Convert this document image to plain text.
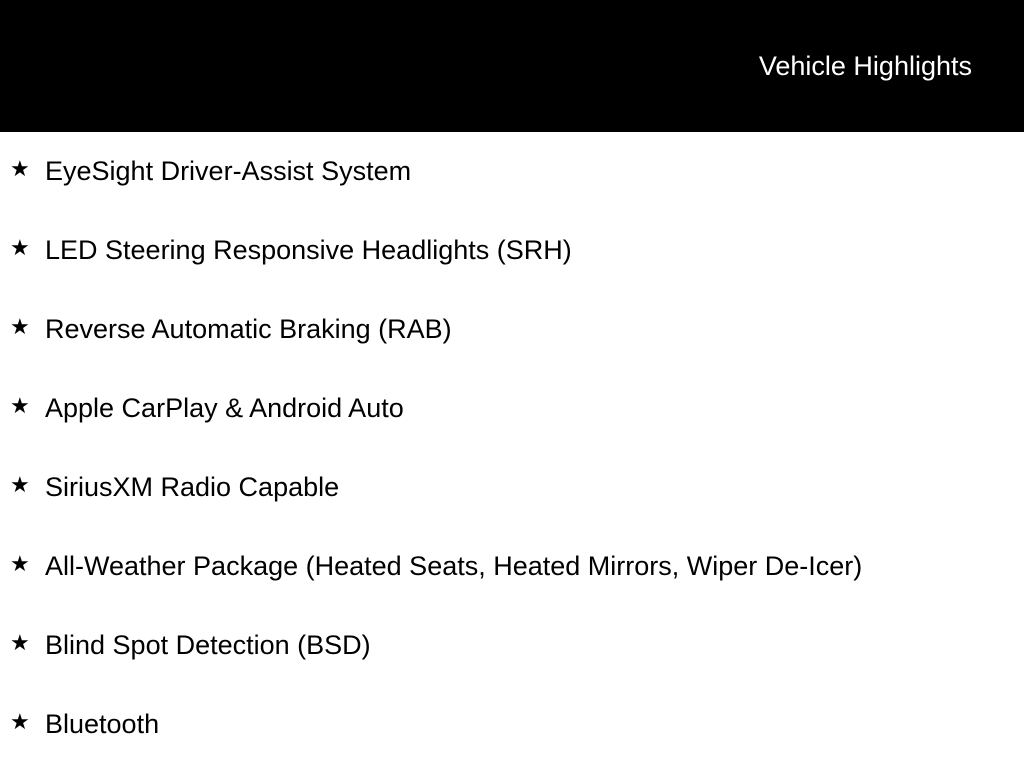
Vehicle Highlights
★ EyeSight Driver-Assist System
★ LED Steering Responsive Headlights (SRH)
★ Reverse Automatic Braking (RAB)
★ Apple CarPlay & Android Auto
★ SiriusXM Radio Capable
★ All-Weather Package (Heated Seats, Heated Mirrors, Wiper De-Icer)
★ Blind Spot Detection (BSD)
★ Bluetooth
